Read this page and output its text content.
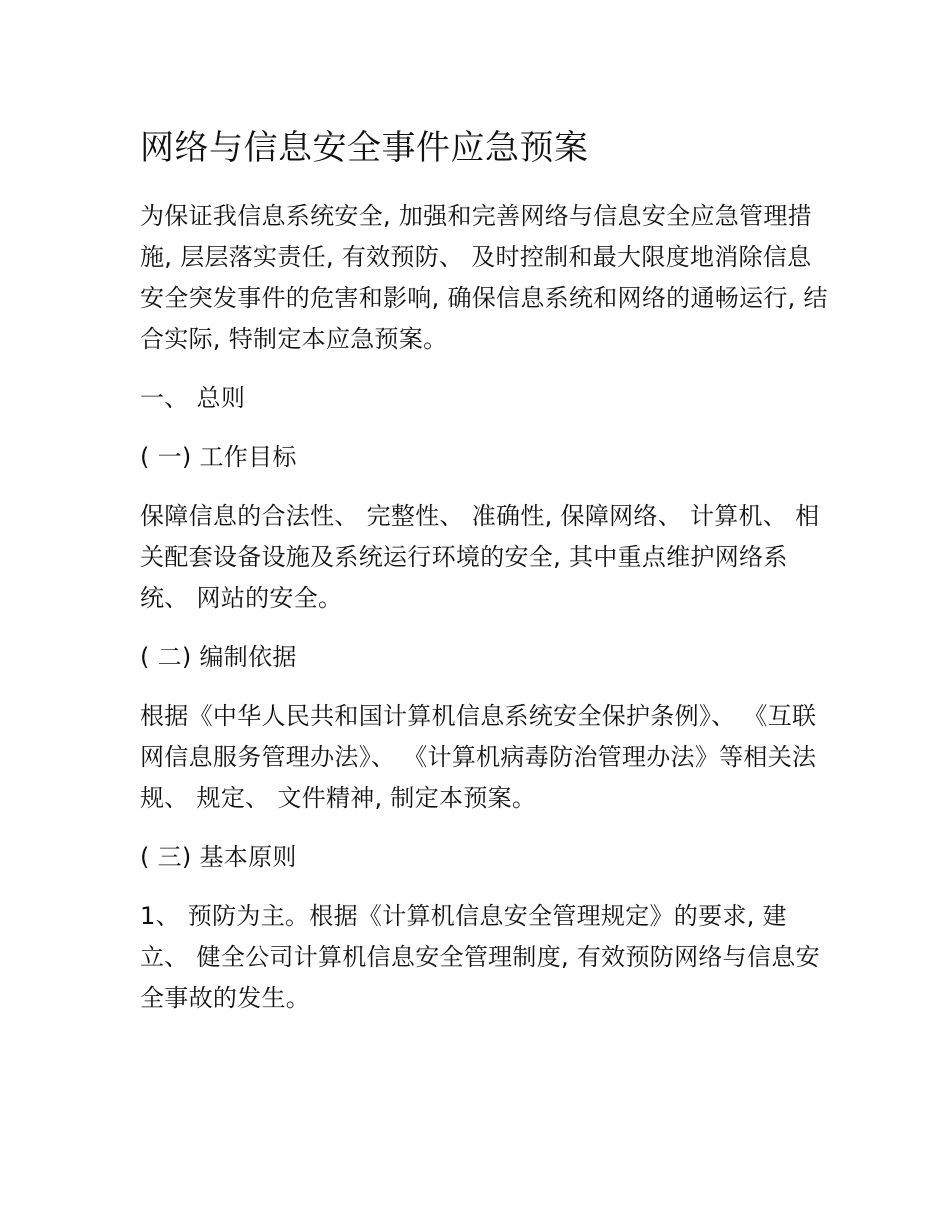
网络与信息安全事件应急预案

为保证我信息系统安全, 加强和完善网络与信息安全应急管理措施, 层层落实责任, 有效预防、 及时控制和最大限度地消除信息安全突发事件的危害和影响, 确保信息系统和网络的通畅运行, 结合实际, 特制定本应急预案。

一、 总则

( 一) 工作目标

保障信息的合法性、 完整性、 准确性, 保障网络、 计算机、 相关配套设备设施及系统运行环境的安全, 其中重点维护网络系统、 网站的安全。

( 二) 编制依据

根据《中华人民共和国计算机信息系统安全保护条例》、 《互联网信息服务管理办法》、 《计算机病毒防治管理办法》等相关法规、 规定、 文件精神, 制定本预案。

( 三) 基本原则

1、 预防为主。根据《计算机信息安全管理规定》的要求, 建立、 健全公司计算机信息安全管理制度, 有效预防网络与信息安全事故的发生。
